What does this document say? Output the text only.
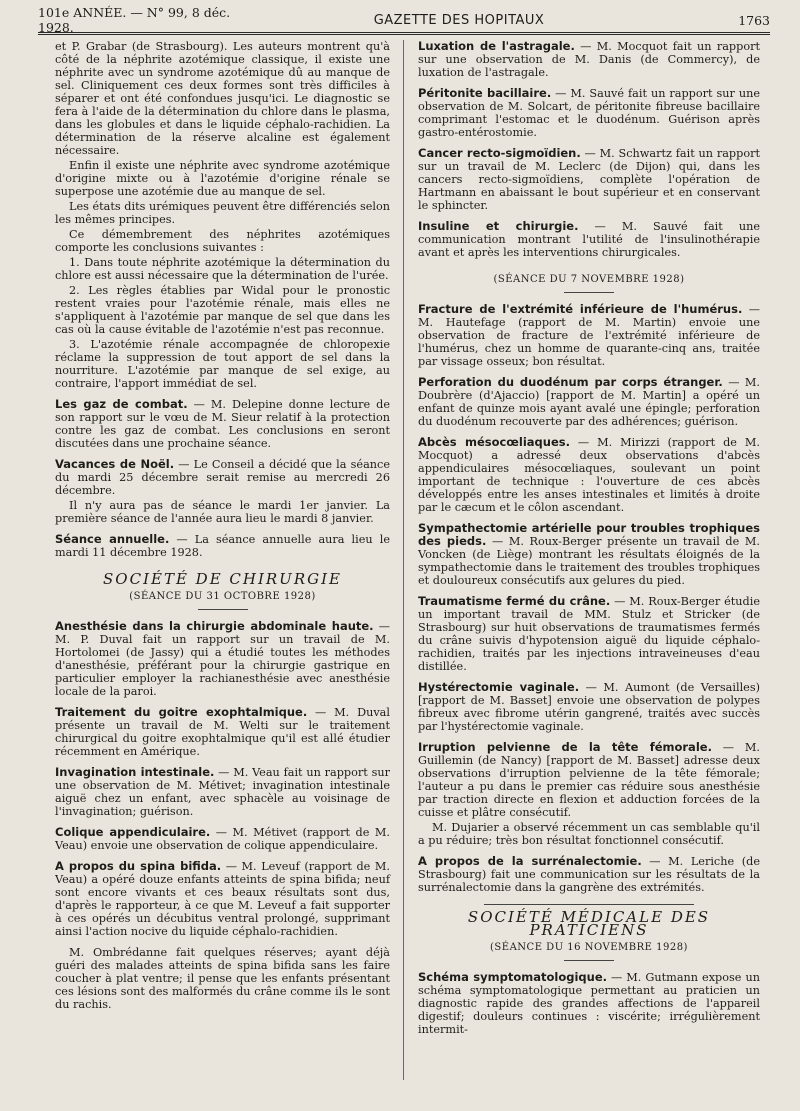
101e ANNÉE. — N° 99, 8 déc. 1928.	GAZETTE DES HOPITAUX	1763

et P. Grabar (de Strasbourg). Les auteurs montrent qu'à côté de la néphrite azotémique classique, il existe une néphrite avec un syndrome azotémique dû au manque de sel. Cliniquement ces deux formes sont très difficiles à séparer et ont été confondues jusqu'ici. Le diagnostic se fera à l'aide de la détermination du chlore dans le plasma, dans les globules et dans le liquide céphalo-rachidien. La détermination de la réserve alcaline est également nécessaire.

Enfin il existe une néphrite avec syndrome azotémique d'origine mixte ou à l'azotémie d'origine rénale se superpose une azotémie due au manque de sel.

Les états dits urémiques peuvent être différenciés selon les mêmes principes.

Ce démembrement des néphrites azotémiques comporte les conclusions suivantes :

1. Dans toute néphrite azotémique la détermination du chlore est aussi nécessaire que la détermination de l'urée.

2. Les règles établies par Widal pour le pronostic restent vraies pour l'azotémie rénale, mais elles ne s'appliquent à l'azotémie par manque de sel que dans les cas où la cause évitable de l'azotémie n'est pas reconnue.

3. L'azotémie rénale accompagnée de chloropexie réclame la suppression de tout apport de sel dans la nourriture. L'azotémie par manque de sel exige, au contraire, l'apport immédiat de sel.

Les gaz de combat. — M. Delepine donne lecture de son rapport sur le vœu de M. Sieur relatif à la protection contre les gaz de combat. Les conclusions en seront discutées dans une prochaine séance.

Vacances de Noël. — Le Conseil a décidé que la séance du mardi 25 décembre serait remise au mercredi 26 décembre.

Il n'y aura pas de séance le mardi 1er janvier. La première séance de l'année aura lieu le mardi 8 janvier.

Séance annuelle. — La séance annuelle aura lieu le mardi 11 décembre 1928.

SOCIÉTÉ DE CHIRURGIE
(SÉANCE DU 31 OCTOBRE 1928)

Anesthésie dans la chirurgie abdominale haute. — M. P. Duval fait un rapport sur un travail de M. Hortolomei (de Jassy) qui a étudié toutes les méthodes d'anesthésie, préférant pour la chirurgie gastrique en particulier employer la rachianesthésie avec anesthésie locale de la paroi.

Traitement du goitre exophtalmique. — M. Duval présente un travail de M. Welti sur le traitement chirurgical du goitre exophtalmique qu'il est allé étudier récemment en Amérique.

Invagination intestinale. — M. Veau fait un rapport sur une observation de M. Métivet; invagination intestinale aiguë chez un enfant, avec sphacèle au voisinage de l'invagination; guérison.

Colique appendiculaire. — M. Métivet (rapport de M. Veau) envoie une observation de colique appendiculaire.

A propos du spina bifida. — M. Leveuf (rapport de M. Veau) a opéré douze enfants atteints de spina bifida; neuf sont encore vivants et ces beaux résultats sont dus, d'après le rapporteur, à ce que M. Leveuf a fait supporter à ces opérés un décubitus ventral prolongé, supprimant ainsi l'action nocive du liquide céphalo-rachidien.

M. Ombrédanne fait quelques réserves; ayant déjà guéri des malades atteints de spina bifida sans les faire coucher à plat ventre; il pense que les enfants présentant ces lésions sont des malformés du crâne comme ils le sont du rachis.

Luxation de l'astragale. — M. Mocquot fait un rapport sur une observation de M. Danis (de Commercy), de luxation de l'astragale.

Péritonite bacillaire. — M. Sauvé fait un rapport sur une observation de M. Solcart, de péritonite fibreuse bacillaire comprimant l'estomac et le duodénum. Guérison après gastro-entérostomie.

Cancer recto-sigmoïdien. — M. Schwartz fait un rapport sur un travail de M. Leclerc (de Dijon) qui, dans les cancers recto-sigmoïdiens, complète l'opération de Hartmann en abaissant le bout supérieur et en conservant le sphincter.

Insuline et chirurgie. — M. Sauvé fait une communication montrant l'utilité de l'insulinothérapie avant et après les interventions chirurgicales.

(SÉANCE DU 7 NOVEMBRE 1928)

Fracture de l'extrémité inférieure de l'humérus. — M. Hautefage (rapport de M. Martin) envoie une observation de fracture de l'extrémité inférieure de l'humérus, chez un homme de quarante-cinq ans, traitée par vissage osseux; bon résultat.

Perforation du duodénum par corps étranger. — M. Doubrère (d'Ajaccio) [rapport de M. Martin] a opéré un enfant de quinze mois ayant avalé une épingle; perforation du duodénum recouverte par des adhérences; guérison.

Abcès mésocœliaques. — M. Mirizzi (rapport de M. Mocquot) a adressé deux observations d'abcès appendiculaires mésocœliaques, soulevant un point important de technique : l'ouverture de ces abcès développés entre les anses intestinales et limités à droite par le cæcum et le côlon ascendant.

Sympathectomie artérielle pour troubles trophiques des pieds. — M. Roux-Berger présente un travail de M. Voncken (de Liège) montrant les résultats éloignés de la sympathectomie dans le traitement des troubles trophiques et douloureux consécutifs aux gelures du pied.

Traumatisme fermé du crâne. — M. Roux-Berger étudie un important travail de MM. Stulz et Stricker (de Strasbourg) sur huit observations de traumatismes fermés du crâne suivis d'hypotension aiguë du liquide céphalo-rachidien, traités par les injections intraveineuses d'eau distillée.

Hystérectomie vaginale. — M. Aumont (de Versailles) [rapport de M. Basset] envoie une observation de polypes fibreux avec fibrome utérin gangrené, traités avec succès par l'hystérectomie vaginale.

Irruption pelvienne de la tête fémorale. — M. Guillemin (de Nancy) [rapport de M. Basset] adresse deux observations d'irruption pelvienne de la tête fémorale; l'auteur a pu dans le premier cas réduire sous anesthésie par traction directe en flexion et adduction forcées de la cuisse et plâtre consécutif.

M. Dujarier a observé récemment un cas semblable qu'il a pu réduire; très bon résultat fonctionnel consécutif.

A propos de la surrénalectomie. — M. Leriche (de Strasbourg) fait une communication sur les résultats de la surrénalectomie dans la gangrène des extrémités.

SOCIÉTÉ MÉDICALE DES PRATICIENS
(SÉANCE DU 16 NOVEMBRE 1928)

Schéma symptomatologique. — M. Gutmann expose un schéma symptomatologique permettant au praticien un diagnostic rapide des grandes affections de l'appareil digestif; douleurs continues : viscérite; irrégulièrement intermit-
